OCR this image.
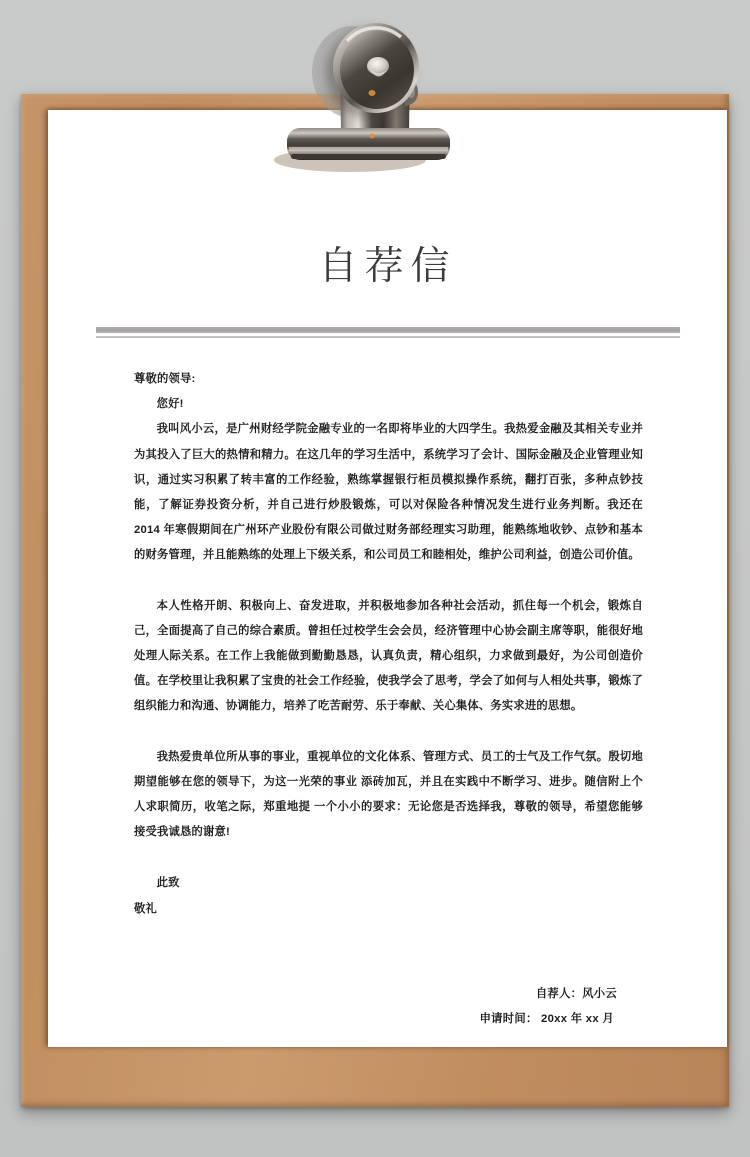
自荐信

尊敬的领导:

您好!

我叫风小云，是广州财经学院金融专业的一名即将毕业的大四学生。我热爱金融及其相关专业并为其投入了巨大的热情和精力。在这几年的学习生活中，系统学习了会计、国际金融及企业管理业知识，通过实习积累了转丰富的工作经验，熟练掌握银行柜员模拟操作系统，翻打百张，多种点钞技能，了解证券投资分析，并自己进行炒股锻炼，可以对保险各种情况发生进行业务判断。我还在 2014 年寒假期间在广州环产业股份有限公司做过财务部经理实习助理，能熟练地收钞、点钞和基本的财务管理，并且能熟练的处理上下级关系，和公司员工和睦相处，维护公司利益，创造公司价值。

本人性格开朗、积极向上、奋发进取，并积极地参加各种社会活动，抓住每一个机会，锻炼自己，全面提高了自己的综合素质。曾担任过校学生会会员，经济管理中心协会副主席等职，能很好地处理人际关系。在工作上我能做到勤勤恳恳，认真负责，精心组织，力求做到最好，为公司创造价值。在学校里让我积累了宝贵的社会工作经验，使我学会了思考，学会了如何与人相处共事，锻炼了组织能力和沟通、协调能力，培养了吃苦耐劳、乐于奉献、关心集体、务实求进的思想。

我热爱贵单位所从事的事业，重视单位的文化体系、管理方式、员工的士气及工作气氛。殷切地期望能够在您的领导下，为这一光荣的事业 添砖加瓦，并且在实践中不断学习、进步。随信附上个人求职简历，收笔之际，郑重地提 一个小小的要求：无论您是否选择我，尊敬的领导，希望您能够接受我诚恳的谢意!

此致

敬礼

自荐人：风小云
申请时间： 20xx 年 xx 月
